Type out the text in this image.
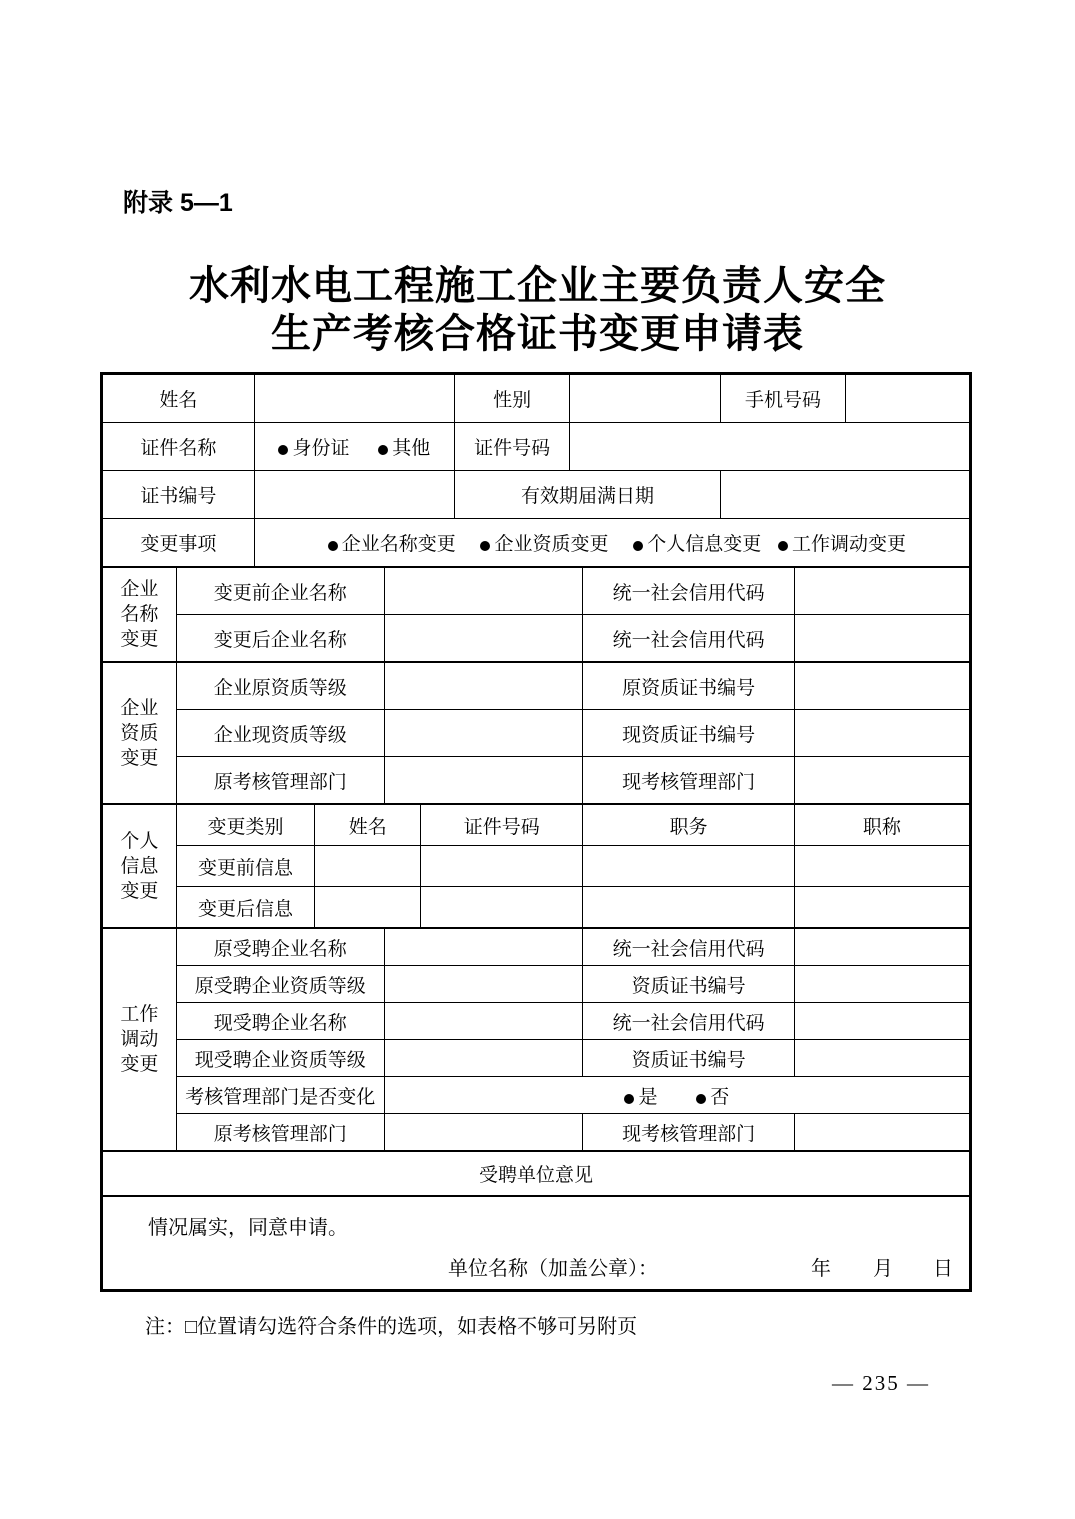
附录 5—1
水利水电工程施工企业主要负责人安全
生产考核合格证书变更申请表
姓名		性别		手机号码	
证件名称	身份证 其他	证件号码			
证书编号		有效期届满日期			
变更事项	企业名称变更 企业资质变更 个人信息变更 工作调动变更				
企业
名称
变更	变更前企业名称		统一社会信用代码	
	变更后企业名称		统一社会信用代码	
企业
资质
变更	企业原资质等级		原资质证书编号	
	企业现资质等级		现资质证书编号	
	原考核管理部门		现考核管理部门	
个人
信息
变更	变更类别	姓名	证件号码	职务	职称
	变更前信息				
	变更后信息				
工作
调动
变更	原受聘企业名称		统一社会信用代码	
	原受聘企业资质等级		资质证书编号	
	现受聘企业名称		统一社会信用代码	
	现受聘企业资质等级		资质证书编号	
	考核管理部门是否变化	是 否		
	原考核管理部门		现考核管理部门	
受聘单位意见
情况属实，同意申请。
单位名称（加盖公章）：	年 月 日
注：□位置请勾选符合条件的选项，如表格不够可另附页
— 235 —
